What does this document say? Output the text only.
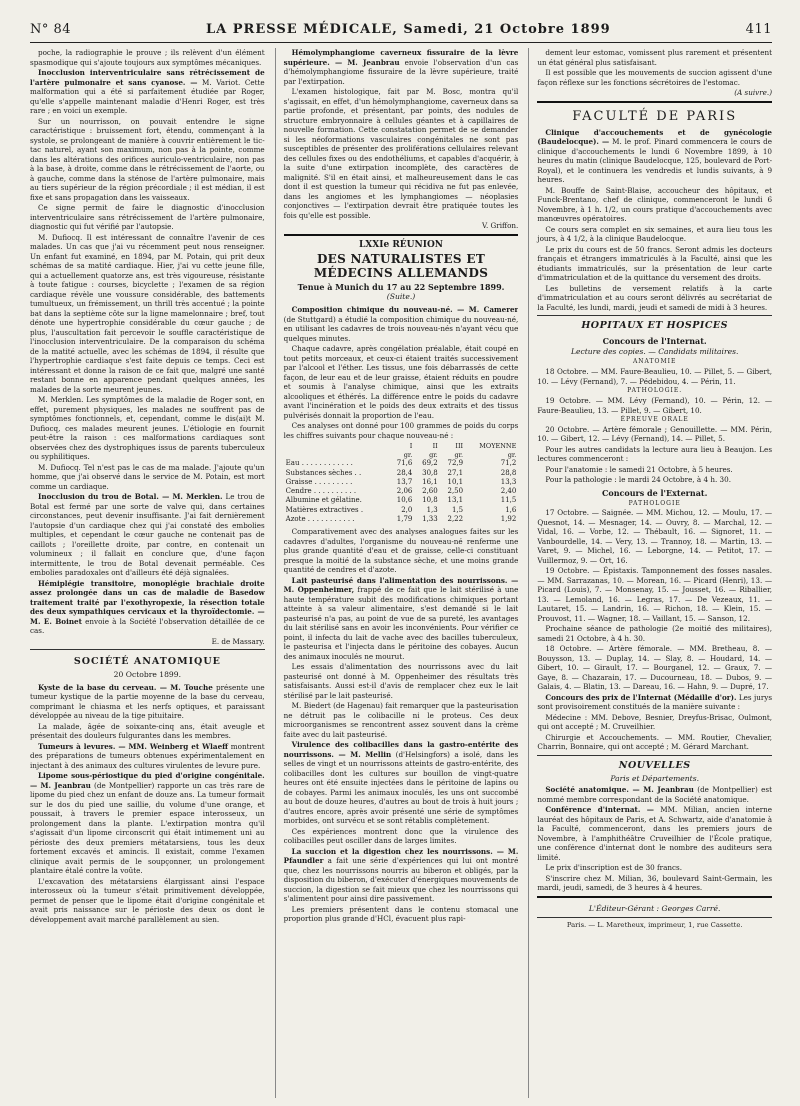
N° 84	LA PRESSE MÉDICALE, Samedi, 21 Octobre 1899	411

poche, la radiographie le prouve ; ils relèvent d'un élément spasmodique qui s'ajoute toujours aux symptômes mécaniques.

Inocclusion interventriculaire sans rétrécissement de l'artère pulmonaire et sans cyanose. — M. Variot. Cette malformation qui a été si parfaitement étudiée par Roger, qu'elle s'appelle maintenant maladie d'Henri Roger, est très rare ; en voici un exemple.

Sur un nourrisson, on pouvait entendre le signe caractéristique : bruissement fort, étendu, commençant à la systole, se prolongeant de manière à couvrir entièrement le tic-tac naturel, ayant son maximum, non pas à la pointe, comme dans les altérations des orifices auriculo-ventriculaire, non pas à la base, à droite, comme dans le rétrécissement de l'aorte, ou à gauche, comme dans la sténose de l'artère pulmonaire, mais au tiers supérieur de la région précordiale ; il est médian, il est fixe et sans propagation dans les vaisseaux.

Ce signe permit de faire le diagnostic d'inocclusion interventriculaire sans rétrécissement de l'artère pulmonaire, diagnostic qui fut vérifié par l'autopsie.

M. Dufiocq. Il est intéressant de connaître l'avenir de ces malades. Un cas que j'ai vu récemment peut nous renseigner. Un enfant fut examiné, en 1894, par M. Potain, qui prit deux schémas de sa matité cardiaque. Hier, j'ai vu cette jeune fille, qui a actuellement quatorze ans, est très vigoureuse, résistante à toute fatigue : courses, bicyclette ; l'examen de sa région cardiaque révèle une voussure considérable, des battements tumultueux, un frémissement, un thrill très accentué ; la pointe bat dans la septième côte sur la ligne mamelonnaire ; bref, tout dénote une hypertrophie considérable du cœur gauche ; de plus, l'auscultation fait percevoir le souffle caractéristique de l'inocclusion interventriculaire. De la comparaison du schéma de la matité actuelle, avec les schémas de 1894, il résulte que l'hypertrophie cardiaque s'est faite depuis ce temps. Ceci est intéressant et donne la raison de ce fait que, malgré une santé restant bonne en apparence pendant quelques années, les malades de la sorte meurent jeunes.

M. Merklen. Les symptômes de la maladie de Roger sont, en effet, purement physiques, les malades ne souffrent pas de symptômes fonctionnels, et, cependant, comme le dis(ai)t M. Dufiocq, ces malades meurent jeunes. L'étiologie en fournit peut-être la raison : ces malformations cardiaques sont observées chez des dystrophiques issus de parents tuberculeux ou syphilitiques.

M. Dufiocq. Tel n'est pas le cas de ma malade. J'ajoute qu'un homme, que j'ai observé dans le service de M. Potain, est mort comme un cardiaque.

Inocclusion du trou de Botal. — M. Merklen. Le trou de Botal est fermé par une sorte de valve qui, dans certaines circonstances, peut devenir insuffisante. J'ai fait dernièrement l'autopsie d'un cardiaque chez qui j'ai constaté des embolies multiples, et cependant le cœur gauche ne contenait pas de caillots ; l'oreillette droite, par contre, en contenait un volumineux ; il fallait en conclure que, d'une façon intermittente, le trou de Botal devenait perméable. Ces embolies paradoxales ont d'ailleurs été déjà signalées.

Hémiplégie transitoire, monoplégie brachiale droite assez prolongée dans un cas de maladie de Basedow traitement traité par l'exothyropexie, la résection totale des deux sympathiques cervicaux et la thyroïdectomie. — M. E. Boinet envoie à la Société l'observation détaillée de ce cas.

E. de Massary.
SOCIÉTÉ ANATOMIQUE
20 Octobre 1899.

Kyste de la base du cerveau. — M. Touche présente une tumeur kystique de la partie moyenne de la base du cerveau, comprimant le chiasma et les nerfs optiques, et paraissant développée au niveau de la tige pituitaire.

La malade, âgée de soixante-cinq ans, était aveugle et présentait des douleurs fulgurantes dans les membres.

Tumeurs à levures. — MM. Weinberg et Wlaeff montrent des préparations de tumeurs obtenues expérimentalement en injectant à des animaux des cultures virulentes de levure pure.

Lipome sous-périostique du pied d'origine congénitale. — M. Jeanbrau (de Montpellier) rapporte un cas très rare de lipome du pied chez un enfant de douze ans. La tumeur formait sur le dos du pied une saillie, du volume d'une orange, et poussait, à travers le premier espace interosseux, un prolongement dans la plante. L'extirpation montra qu'il s'agissait d'un lipome circonscrit qui était intimement uni au périoste des deux premiers métatarsiens, tous les deux fortement excavés et amincis. Il existait, comme l'examen clinique avait permis de le soupçonner, un prolongement plantaire étalé contre la voûte.

L'excavation des métatarsiens élargissant ainsi l'espace interosseux où la tumeur s'était primitivement développée, permet de penser que le lipome était d'origine congénitale et avait pris naissance sur le périoste des deux os dont le développement avait marché parallèlement au sien.

Hémolymphangiome caverneux fissuraire de la lèvre supérieure. — M. Jeanbrau envoie l'observation d'un cas d'hémolymphangiome fissuraire de la lèvre supérieure, traité par l'extirpation.

L'examen histologique, fait par M. Bosc, montra qu'il s'agissait, en effet, d'un hémolymphangiome, caverneux dans sa partie profonde, et présentant, par points, des nodules de structure embryonnaire à cellules géantes et à capillaires de nouvelle formation. Cette constatation permet de se demander si les néoformations vasculaires congénitales ne sont pas susceptibles de présenter des proliférations cellulaires relevant des cellules fixes ou des endothéliums, et capables d'acquérir, à la suite d'une extirpation incomplète, des caractères de malignité. S'il en était ainsi, et malheureusement dans le cas dont il est question la tumeur qui récidiva ne fut pas enlevée, dans les angiomes et les lymphangiomes — néoplasies conjonctives — l'extirpation devrait être pratiquée toutes les fois qu'elle est possible.

V. Griffon.
LXXIe RÉUNION
DES NATURALISTES ET MÉDECINS ALLEMANDS
Tenue à Munich du 17 au 22 Septembre 1899.
(Suite.)

Composition chimique du nouveau-né. — M. Camerer (de Stuttgard) a étudié la composition chimique du nouveau-né, en utilisant les cadavres de trois nouveau-nés n'ayant vécu que quelques minutes.

Chaque cadavre, après congélation préalable, était coupé en tout petits morceaux, et ceux-ci étaient traités successivement par l'alcool et l'éther. Les tissus, une fois débarrassés de cette façon, de leur eau et de leur graisse, étaient réduits en poudre et soumis à l'analyse chimique, ainsi que les extraits alcooliques et éthérés. La différence entre le poids du cadavre avant l'incinération et le poids des deux extraits et des tissus pulvérisés donnait la proportion de l'eau.

Ces analyses ont donné pour 100 grammes de poids du corps les chiffres suivants pour chaque nouveau-né :

	I	II	III	MOYENNE
	gr.	gr.	gr.	gr.
Eau . . . . . . . . . . . .	71,6	69,2	72,9	71,2
Substances sèches . .	28,4	30,8	27,1	28,8
Graisse . . . . . . . . .	13,7	16,1	10,1	13,3
Cendre . . . . . . . . . .	2,06	2,60	2,50	2,40
Albumine et gélatine.	10,6	10,8	13,1	11,5
Matières extractives .	2,0	1,3	1,5	1,6
Azote . . . . . . . . . . .	1,79	1,33	2,22	1,92

Comparativement avec des analyses analogues faites sur les cadavres d'adultes, l'organisme du nouveau-né renferme une plus grande quantité d'eau et de graisse, celle-ci constituant presque la moitié de la substance sèche, et une moins grande quantité de cendres et d'azote.

Lait pasteurisé dans l'alimentation des nourrissons. — M. Oppenheimer, frappé de ce fait que le lait stérilisé à une haute température subit des modifications chimiques portant atteinte à sa valeur alimentaire, s'est demandé si le lait pasteurisé n'a pas, au point de vue de sa pureté, les avantages du lait stérilisé sans en avoir les inconvénients. Pour vérifier ce point, il infecta du lait de vache avec des bacilles tuberculeux, le pasteurisa et l'injecta dans le péritoine des cobayes. Aucun des animaux inoculés ne mourut.

Les essais d'alimentation des nourrissons avec du lait pasteurisé ont donné à M. Oppenheimer des résultats très satisfaisants. Aussi est-il d'avis de remplacer chez eux le lait stérilisé par le lait pasteurisé.

M. Biedert (de Hagenau) fait remarquer que la pasteurisation ne détruit pas le colibacille ni le proteus. Ces deux microorganismes se rencontrent assez souvent dans la crème faite avec du lait pasteurisé.

Virulence des colibacilles dans la gastro-entérite des nourrissons. — M. Mellin (d'Helsingfors) a isolé, dans les selles de vingt et un nourrissons atteints de gastro-entérite, des colibacilles dont les cultures sur bouillon de vingt-quatre heures ont été ensuite injectées dans le péritoine de lapins ou de cobayes. Parmi les animaux inoculés, les uns ont succombé au bout de douze heures, d'autres au bout de trois à huit jours ; d'autres encore, après avoir présenté une série de symptômes morbides, ont survécu et se sont rétablis complètement.

Ces expériences montrent donc que la virulence des colibacilles peut osciller dans de larges limites.

La succion et la digestion chez les nourrissons. — M. Pfaundler a fait une série d'expériences qui lui ont montré que, chez les nourrissons nourris au biberon et obligés, par la disposition du biberon, d'exécuter d'énergiques mouvements de succion, la digestion se fait mieux que chez les nourrissons qui s'alimentent pour ainsi dire passivement.

Les premiers présentent dans le contenu stomacal une proportion plus grande d'HCl, évacuent plus rapi-

dement leur estomac, vomissent plus rarement et présentent un état général plus satisfaisant.

Il est possible que les mouvements de succion agissent d'une façon réflexe sur les fonctions sécrétoires de l'estomac.

(A suivre.)
FACULTÉ DE PARIS

Clinique d'accouchements et de gynécologie (Baudelocque). — M. le prof. Pinard commencera le cours de clinique d'accouchements le lundi 6 Novembre 1899, à 10 heures du matin (clinique Baudelocque, 125, boulevard de Port-Royal), et le continuera les vendredis et lundis suivants, à 9 heures.

M. Bouffe de Saint-Blaise, accoucheur des hôpitaux, et Funck-Brentano, chef de clinique, commenceront le lundi 6 Novembre, à 1 h. 1/2, un cours pratique d'accouchements avec manœuvres opératoires.

Ce cours sera complet en six semaines, et aura lieu tous les jours, à 4 1/2, à la clinique Baudelocque.

Le prix du cours est de 50 francs. Seront admis les docteurs français et étrangers immatriculés à la Faculté, ainsi que les étudiants immatriculés, sur la présentation de leur carte d'immatriculation et de la quittance du versement des droits.

Les bulletins de versement relatifs à la carte d'immatriculation et au cours seront délivrés au secrétariat de la Faculté, les lundi, mardi, jeudi et samedi de midi à 3 heures.

HOPITAUX ET HOSPICES
Concours de l'Internat.
Lecture des copies. — Candidats militaires.
ANATOMIE

18 Octobre. — MM. Faure-Beaulieu, 10. — Pillet, 5. — Gibert, 10. — Lévy (Fernand), 7. — Pédebidou, 4. — Périn, 11.

PATHOLOGIE.

19 Octobre. — MM. Lévy (Fernand), 10. — Périn, 12. — Faure-Beaulieu, 13. — Pillet, 9. — Gibert, 10.

ÉPREUVE ORALE

20 Octobre. — Artère fémorale ; Genouillette. — MM. Périn, 10. — Gibert, 12. — Lévy (Fernand), 14. — Pillet, 5.

Pour les autres candidats la lecture aura lieu à Beaujon. Les lectures commenceront :

Pour l'anatomie : le samedi 21 Octobre, à 5 heures.

Pour la pathologie : le mardi 24 Octobre, à 4 h. 30.

Concours de l'Externat.
PATHOLOGIE

17 Octobre. — Saignée. — MM. Michou, 12. — Moulu, 17. — Quesnot, 14. — Mesnager, 14. — Ouvry, 8. — Marchal, 12. — Vidal, 16. — Vorbe, 12. — Thébault, 16. — Signoret, 11. — Vanbourdelle, 14. — Very, 13. — Trannoy, 18. — Martin, 13. — Varet, 9. — Michel, 16. — Leborgne, 14. — Petitot, 17. — Vuillermoz, 9. — Ort, 16.

19 Octobre. — Épistaxis. Tamponnement des fosses nasales. — MM. Sarrazanas, 10. — Morean, 16. — Picard (Henri), 13. — Picard (Louis), 7. — Monsenay, 15. — Jousset, 16. — Riballier, 13. — Lemoland, 16. — Legras, 17. — De Vezeaux, 11. — Lautaret, 15. — Landrin, 16. — Richon, 18. — Klein, 15. — Prouvost, 11. — Wagner, 18. — Vaillant, 15. — Sanson, 12.

Prochaine séance de pathologie (2e moitié des militaires), samedi 21 Octobre, à 4 h. 30.

18 Octobre. — Artère fémorale. — MM. Bretheau, 8. — Bouysson, 13. — Duplay, 14. — Slay, 8. — Houdard, 14. — Gibert, 10. — Girault, 17. — Bourganel, 12. — Graux, 7. — Gaye, 8. — Chazarain, 17. — Ducourneau, 18. — Dubos, 9. — Galais, 4. — Blatin, 13. — Dareau, 16. — Hahn, 9. — Dupré, 17.

Concours des prix de l'Internat (Médaille d'or). Les jurys sont provisoirement constitués de la manière suivante :

Médecine : MM. Debove, Besnier, Dreyfus-Brisac, Oulmont, qui ont accepté ; M. Cruveilhier.

Chirurgie et Accouchements. — MM. Routier, Chevalier, Charrin, Bonnaire, qui ont accepté ; M. Gérard Marchant.

NOUVELLES
Paris et Départements.

Société anatomique. — M. Jeanbrau (de Montpellier) est nommé membre correspondant de la Société anatomique.

Conférence d'internat. — MM. Milian, ancien interne lauréat des hôpitaux de Paris, et A. Schwartz, aide d'anatomie à la Faculté, commenceront, dans les premiers jours de Novembre, à l'amphithéâtre Cruveilhier de l'École pratique, une conférence d'internat dont le nombre des auditeurs sera limité.

Le prix d'inscription est de 30 francs.

S'inscrire chez M. Milian, 36, boulevard Saint-Germain, les mardi, jeudi, samedi, de 3 heures à 4 heures.

L'Éditeur-Gérant : Georges Carré.
Paris. — L. Maretheux, imprimeur, 1, rue Cassette.
